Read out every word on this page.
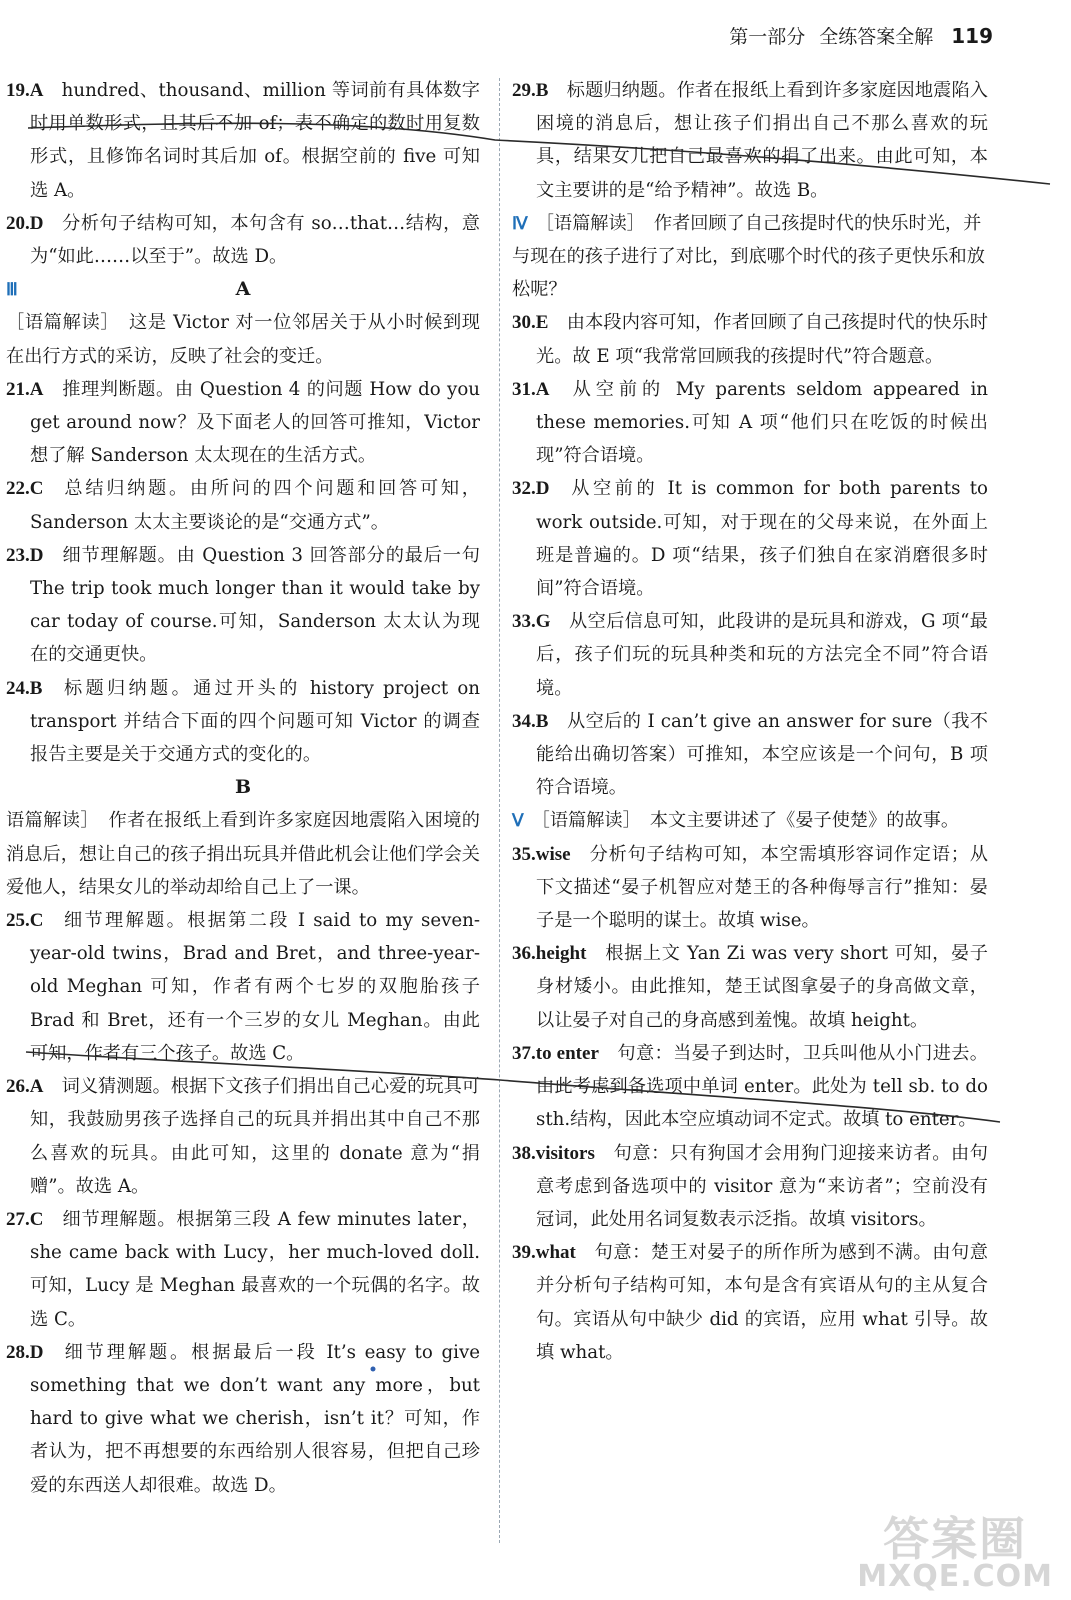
第一部分 全练答案全解 119

19.A  hundred、thousand、million 等词前有具体数字时用单数形式，且其后不加 of；表不确定的数时用复数形式，且修饰名词时其后加 of。根据空前的 five 可知选 A。

20.D  分析句子结构可知，本句含有 so…that…结构，意为“如此……以至于”。故选 D。

Ⅲ	A

［语篇解读］　这是 Victor 对一位邻居关于从小时候到现在出行方式的采访，反映了社会的变迁。

21.A  推理判断题。由 Question 4 的问题 How do you get around now？及下面老人的回答可推知，Victor 想了解 Sanderson 太太现在的生活方式。

22.C  总结归纳题。由所问的四个问题和回答可知，Sanderson 太太主要谈论的是“交通方式”。

23.D  细节理解题。由 Question 3 回答部分的最后一句 The trip took much longer than it would take by car today of course.可知，Sanderson 太太认为现在的交通更快。

24.B  标题归纳题。通过开头的 history project on transport 并结合下面的四个问题可知 Victor 的调查报告主要是关于交通方式的变化的。

B

语篇解读］　作者在报纸上看到许多家庭因地震陷入困境的消息后，想让自己的孩子捐出玩具并借此机会让他们学会关爱他人，结果女儿的举动却给自己上了一课。

25.C  细节理解题。根据第二段 I said to my seven-year-old twins，Brad and Bret，and three-year-old Meghan 可知，作者有两个七岁的双胞胎孩子 Brad 和 Bret，还有一个三岁的女儿 Meghan。由此可知，作者有三个孩子。故选 C。

26.A  词义猜测题。根据下文孩子们捐出自己心爱的玩具可知，我鼓励男孩子选择自己的玩具并捐出其中自己不那么喜欢的玩具。由此可知，这里的 donate 意为“捐赠”。故选 A。

27.C  细节理解题。根据第三段 A few minutes later，she came back with Lucy，her much-loved doll.可知，Lucy 是 Meghan 最喜欢的一个玩偶的名字。故选 C。

28.D  细节理解题。根据最后一段 It’s easy to give something that we don’t want any more，but hard to give what we cherish，isn’t it？可知，作者认为，把不再想要的东西给别人很容易，但把自己珍爱的东西送人却很难。故选 D。

29.B  标题归纳题。作者在报纸上看到许多家庭因地震陷入困境的消息后，想让孩子们捐出自己不那么喜欢的玩具，结果女儿把自己最喜欢的捐了出来。由此可知，本文主要讲的是“给予精神”。故选 B。

Ⅳ ［语篇解读］　作者回顾了自己孩提时代的快乐时光，并与现在的孩子进行了对比，到底哪个时代的孩子更快乐和放松呢？

30.E  由本段内容可知，作者回顾了自己孩提时代的快乐时光。故 E 项“我常常回顾我的孩提时代”符合题意。

31.A  从空前的 My parents seldom appeared in these memories.可知 A 项“他们只在吃饭的时候出现”符合语境。

32.D  从空前的 It is common for both parents to work outside.可知，对于现在的父母来说，在外面上班是普遍的。D 项“结果，孩子们独自在家消磨很多时间”符合语境。

33.G  从空后信息可知，此段讲的是玩具和游戏，G 项“最后，孩子们玩的玩具种类和玩的方法完全不同”符合语境。

34.B  从空后的 I can’t give an answer for sure（我不能给出确切答案）可推知，本空应该是一个问句，B 项符合语境。

Ⅴ ［语篇解读］　本文主要讲述了《晏子使楚》的故事。

35.wise  分析句子结构可知，本空需填形容词作定语；从下文描述“晏子机智应对楚王的各种侮辱言行”推知：晏子是一个聪明的谋士。故填 wise。

36.height  根据上文 Yan Zi was very short 可知，晏子身材矮小。由此推知，楚王试图拿晏子的身高做文章，以让晏子对自己的身高感到羞愧。故填 height。

37.to enter  句意：当晏子到达时，卫兵叫他从小门进去。由此考虑到备选项中单词 enter。此处为 tell sb. to do sth.结构，因此本空应填动词不定式。故填 to enter。

38.visitors  句意：只有狗国才会用狗门迎接来访者。由句意考虑到备选项中的 visitor 意为“来访者”；空前没有冠词，此处用名词复数表示泛指。故填 visitors。

39.what  句意：楚王对晏子的所作所为感到不满。由句意并分析句子结构可知，本句是含有宾语从句的主从复合句。宾语从句中缺少 did 的宾语，应用 what 引导。故填 what。

答案圈
MXQE.COM
